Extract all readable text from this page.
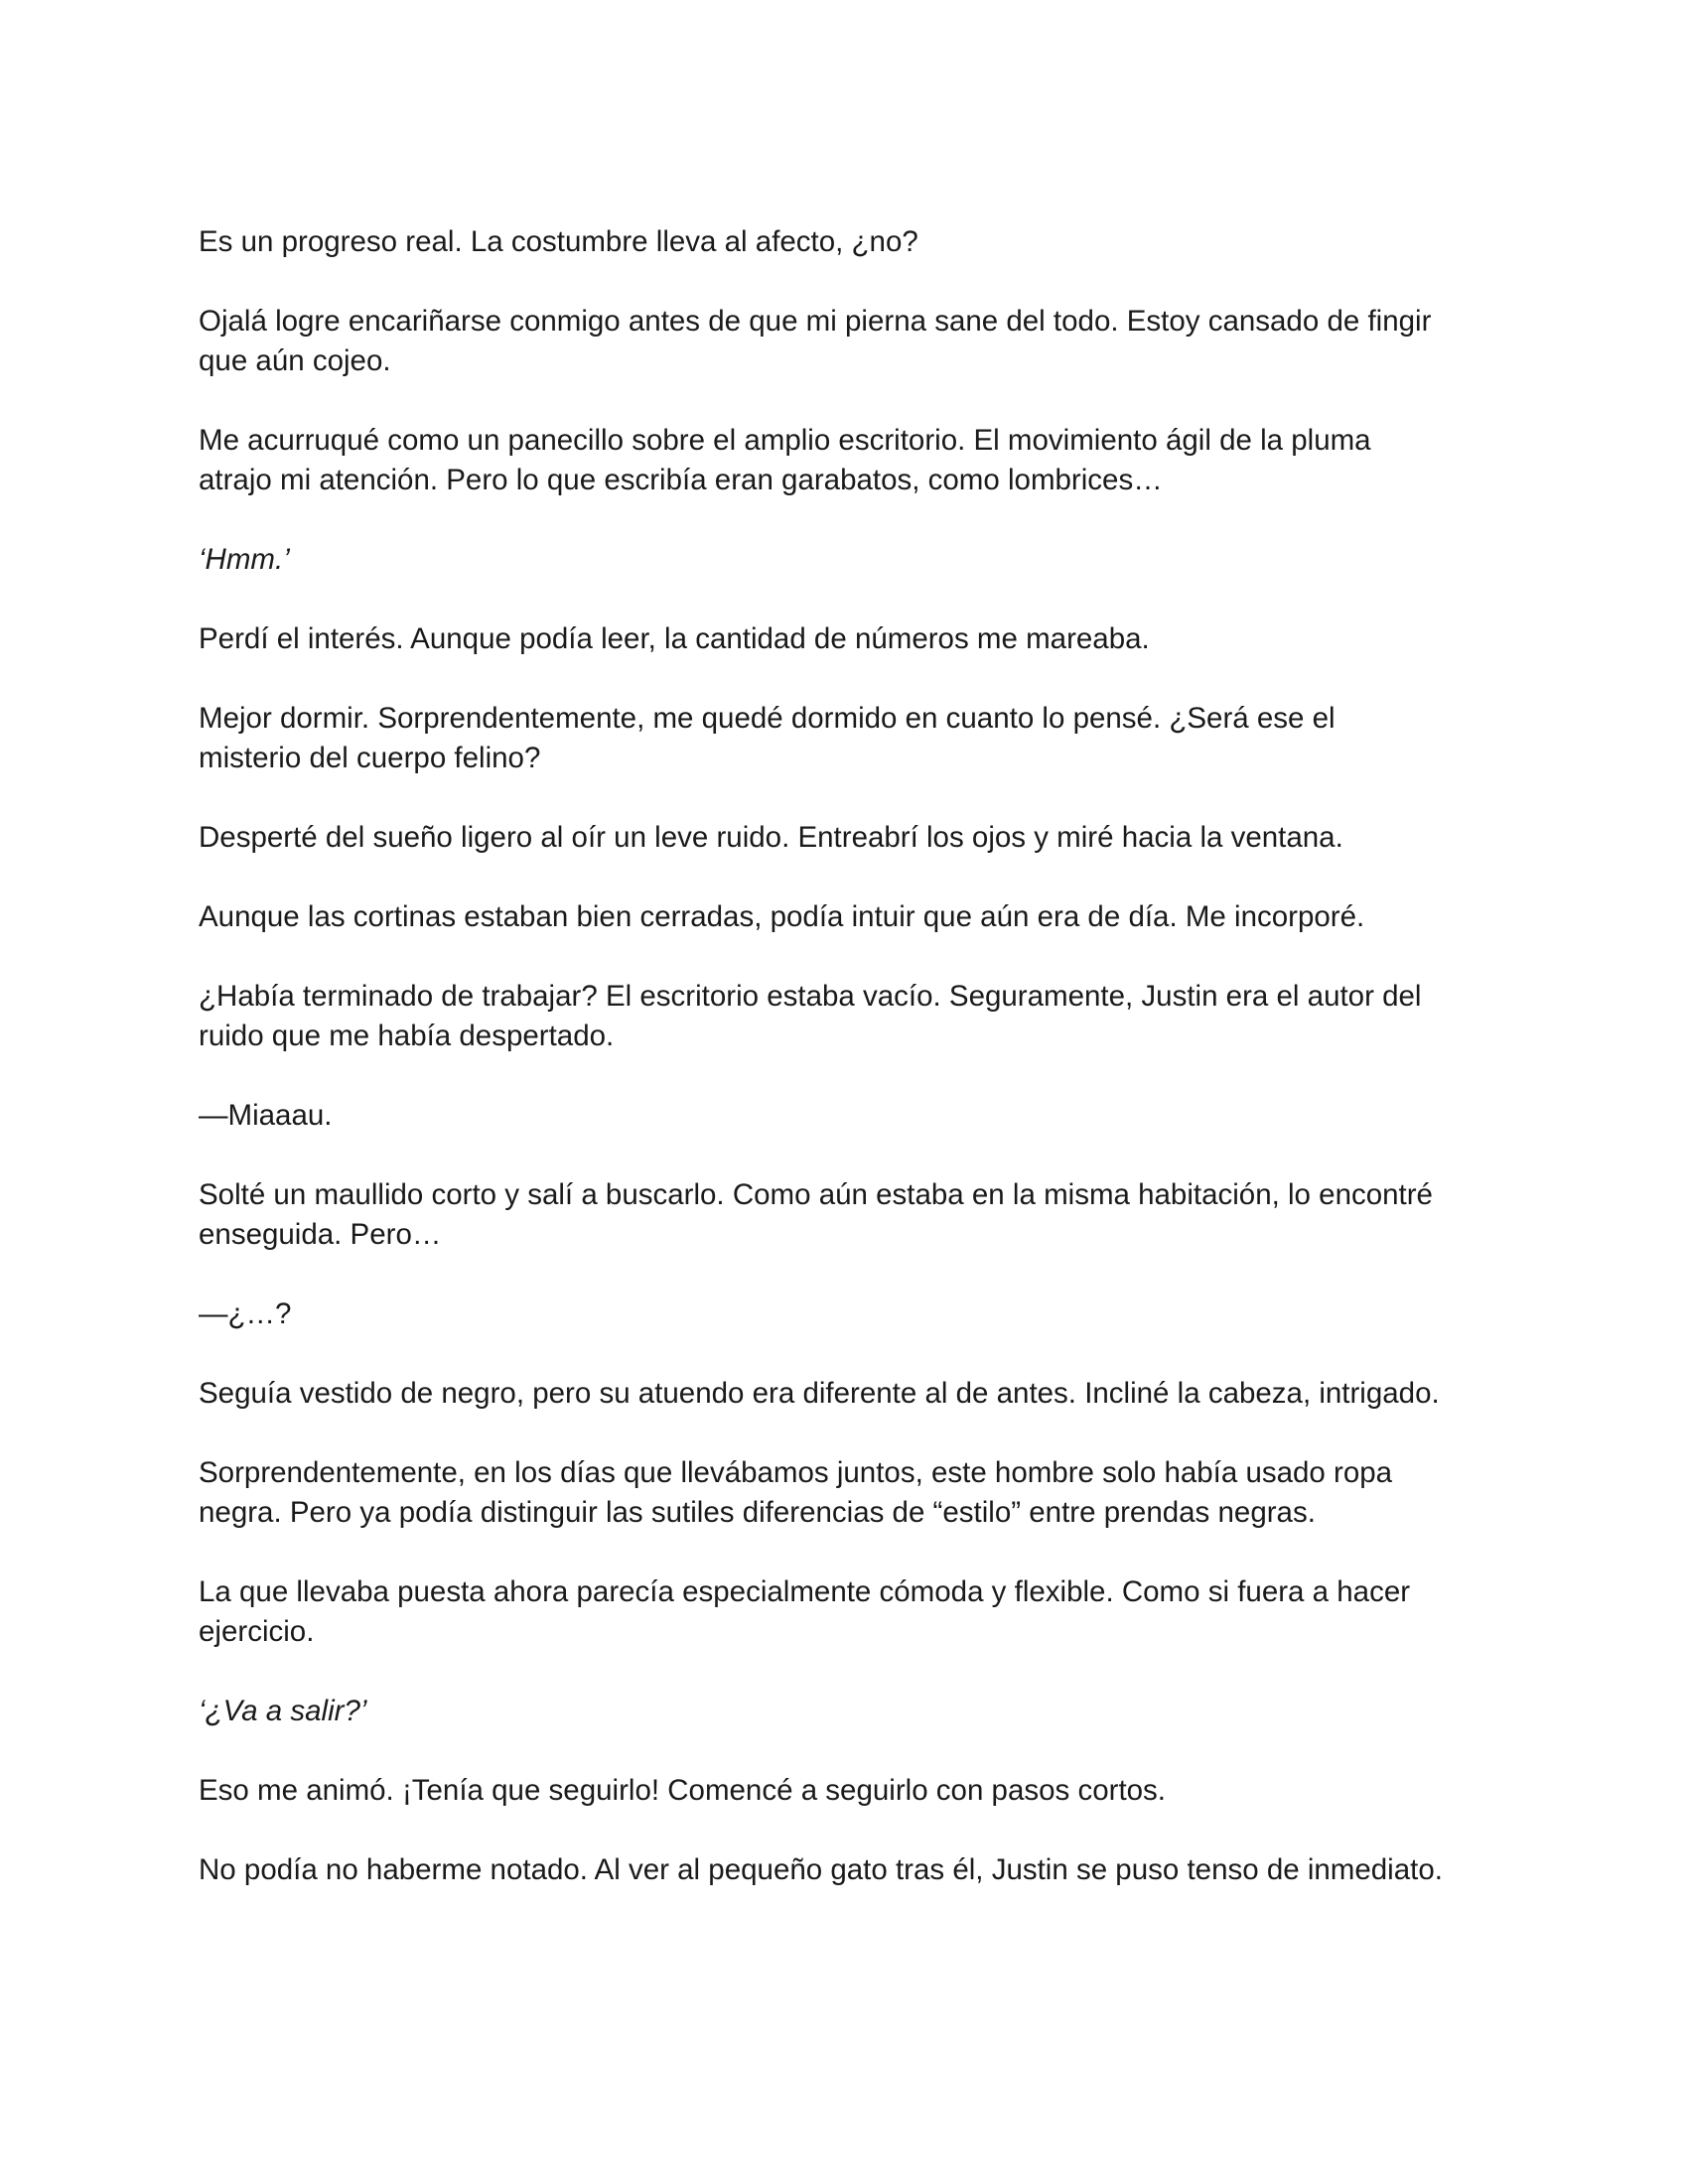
Es un progreso real. La costumbre lleva al afecto, ¿no?

Ojalá logre encariñarse conmigo antes de que mi pierna sane del todo. Estoy cansado de fingir
que aún cojeo.

Me acurruqué como un panecillo sobre el amplio escritorio. El movimiento ágil de la pluma
atrajo mi atención. Pero lo que escribía eran garabatos, como lombrices…

‘Hmm.’

Perdí el interés. Aunque podía leer, la cantidad de números me mareaba.

Mejor dormir. Sorprendentemente, me quedé dormido en cuanto lo pensé. ¿Será ese el
misterio del cuerpo felino?

Desperté del sueño ligero al oír un leve ruido. Entreabrí los ojos y miré hacia la ventana.

Aunque las cortinas estaban bien cerradas, podía intuir que aún era de día. Me incorporé.

¿Había terminado de trabajar? El escritorio estaba vacío. Seguramente, Justin era el autor del
ruido que me había despertado.

—Miaaau.

Solté un maullido corto y salí a buscarlo. Como aún estaba en la misma habitación, lo encontré
enseguida. Pero…

—¿…?

Seguía vestido de negro, pero su atuendo era diferente al de antes. Incliné la cabeza, intrigado.

Sorprendentemente, en los días que llevábamos juntos, este hombre solo había usado ropa
negra. Pero ya podía distinguir las sutiles diferencias de “estilo” entre prendas negras.

La que llevaba puesta ahora parecía especialmente cómoda y flexible. Como si fuera a hacer
ejercicio.

‘¿Va a salir?’

Eso me animó. ¡Tenía que seguirlo! Comencé a seguirlo con pasos cortos.

No podía no haberme notado. Al ver al pequeño gato tras él, Justin se puso tenso de inmediato.
